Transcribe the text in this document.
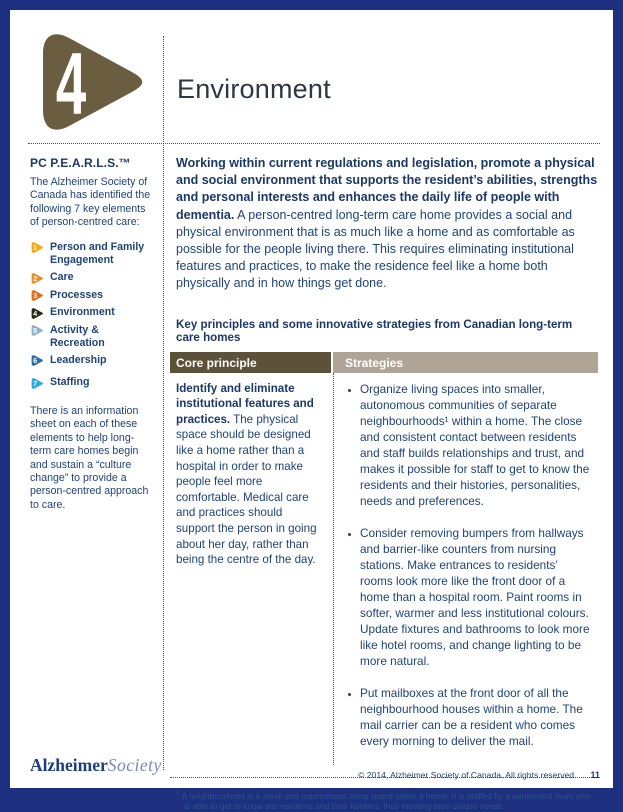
4	Environment
PC P.E.A.R.L.S.™

The Alzheimer Society of Canada has identified the following 7 key elements of person-centred care:

1 Person and Family Engagement
2 Care
3 Processes
4 Environment
5 Activity & Recreation
6 Leadership
7 Staffing

There is an information sheet on each of these elements to help long-term care homes begin and sustain a “culture change” to provide a person-centred approach to care.

Working within current regulations and legislation, promote a physical and social environment that supports the resident’s abilities, strengths and personal interests and enhances the daily life of people with dementia. A person-centred long-term care home provides a social and physical environment that is as much like a home and as comfortable as possible for the people living there. This requires eliminating institutional features and practices, to make the residence feel like a home both physically and in how things get done.

Key principles and some innovative strategies from Canadian long-term care homes
Core principle	Strategies
Identify and eliminate institutional features and practices. The physical space should be designed like a home rather than a hospital in order to make people feel more comfortable. Medical care and practices should support the person in going about her day, rather than being the centre of the day.
• Organize living spaces into smaller, autonomous communities of separate neighbourhoods¹ within a home. The close and consistent contact between residents and staff builds relationships and trust, and makes it possible for staff to get to know the residents and their histories, personalities, needs and preferences.
• Consider removing bumpers from hallways and barrier-like counters from nursing stations. Make entrances to residents’ rooms look more like the front door of a home than a hospital room. Paint rooms in softer, warmer and less institutional colours. Update fixtures and bathrooms to look more like hotel rooms, and change lighting to be more natural.
• Put mailboxes at the front door of all the neighbourhood houses within a home. The mail carrier can be a resident who comes every morning to deliver the mail.

$^1$ A neighbourhood is a small and autonomous living space within a home. It is staffed by a permanent team who is able to get to know the residents and their families, thus meeting their unique needs.

AlzheimerSociety	© 2014, Alzheimer Society of Canada. All rights reserved. 11
